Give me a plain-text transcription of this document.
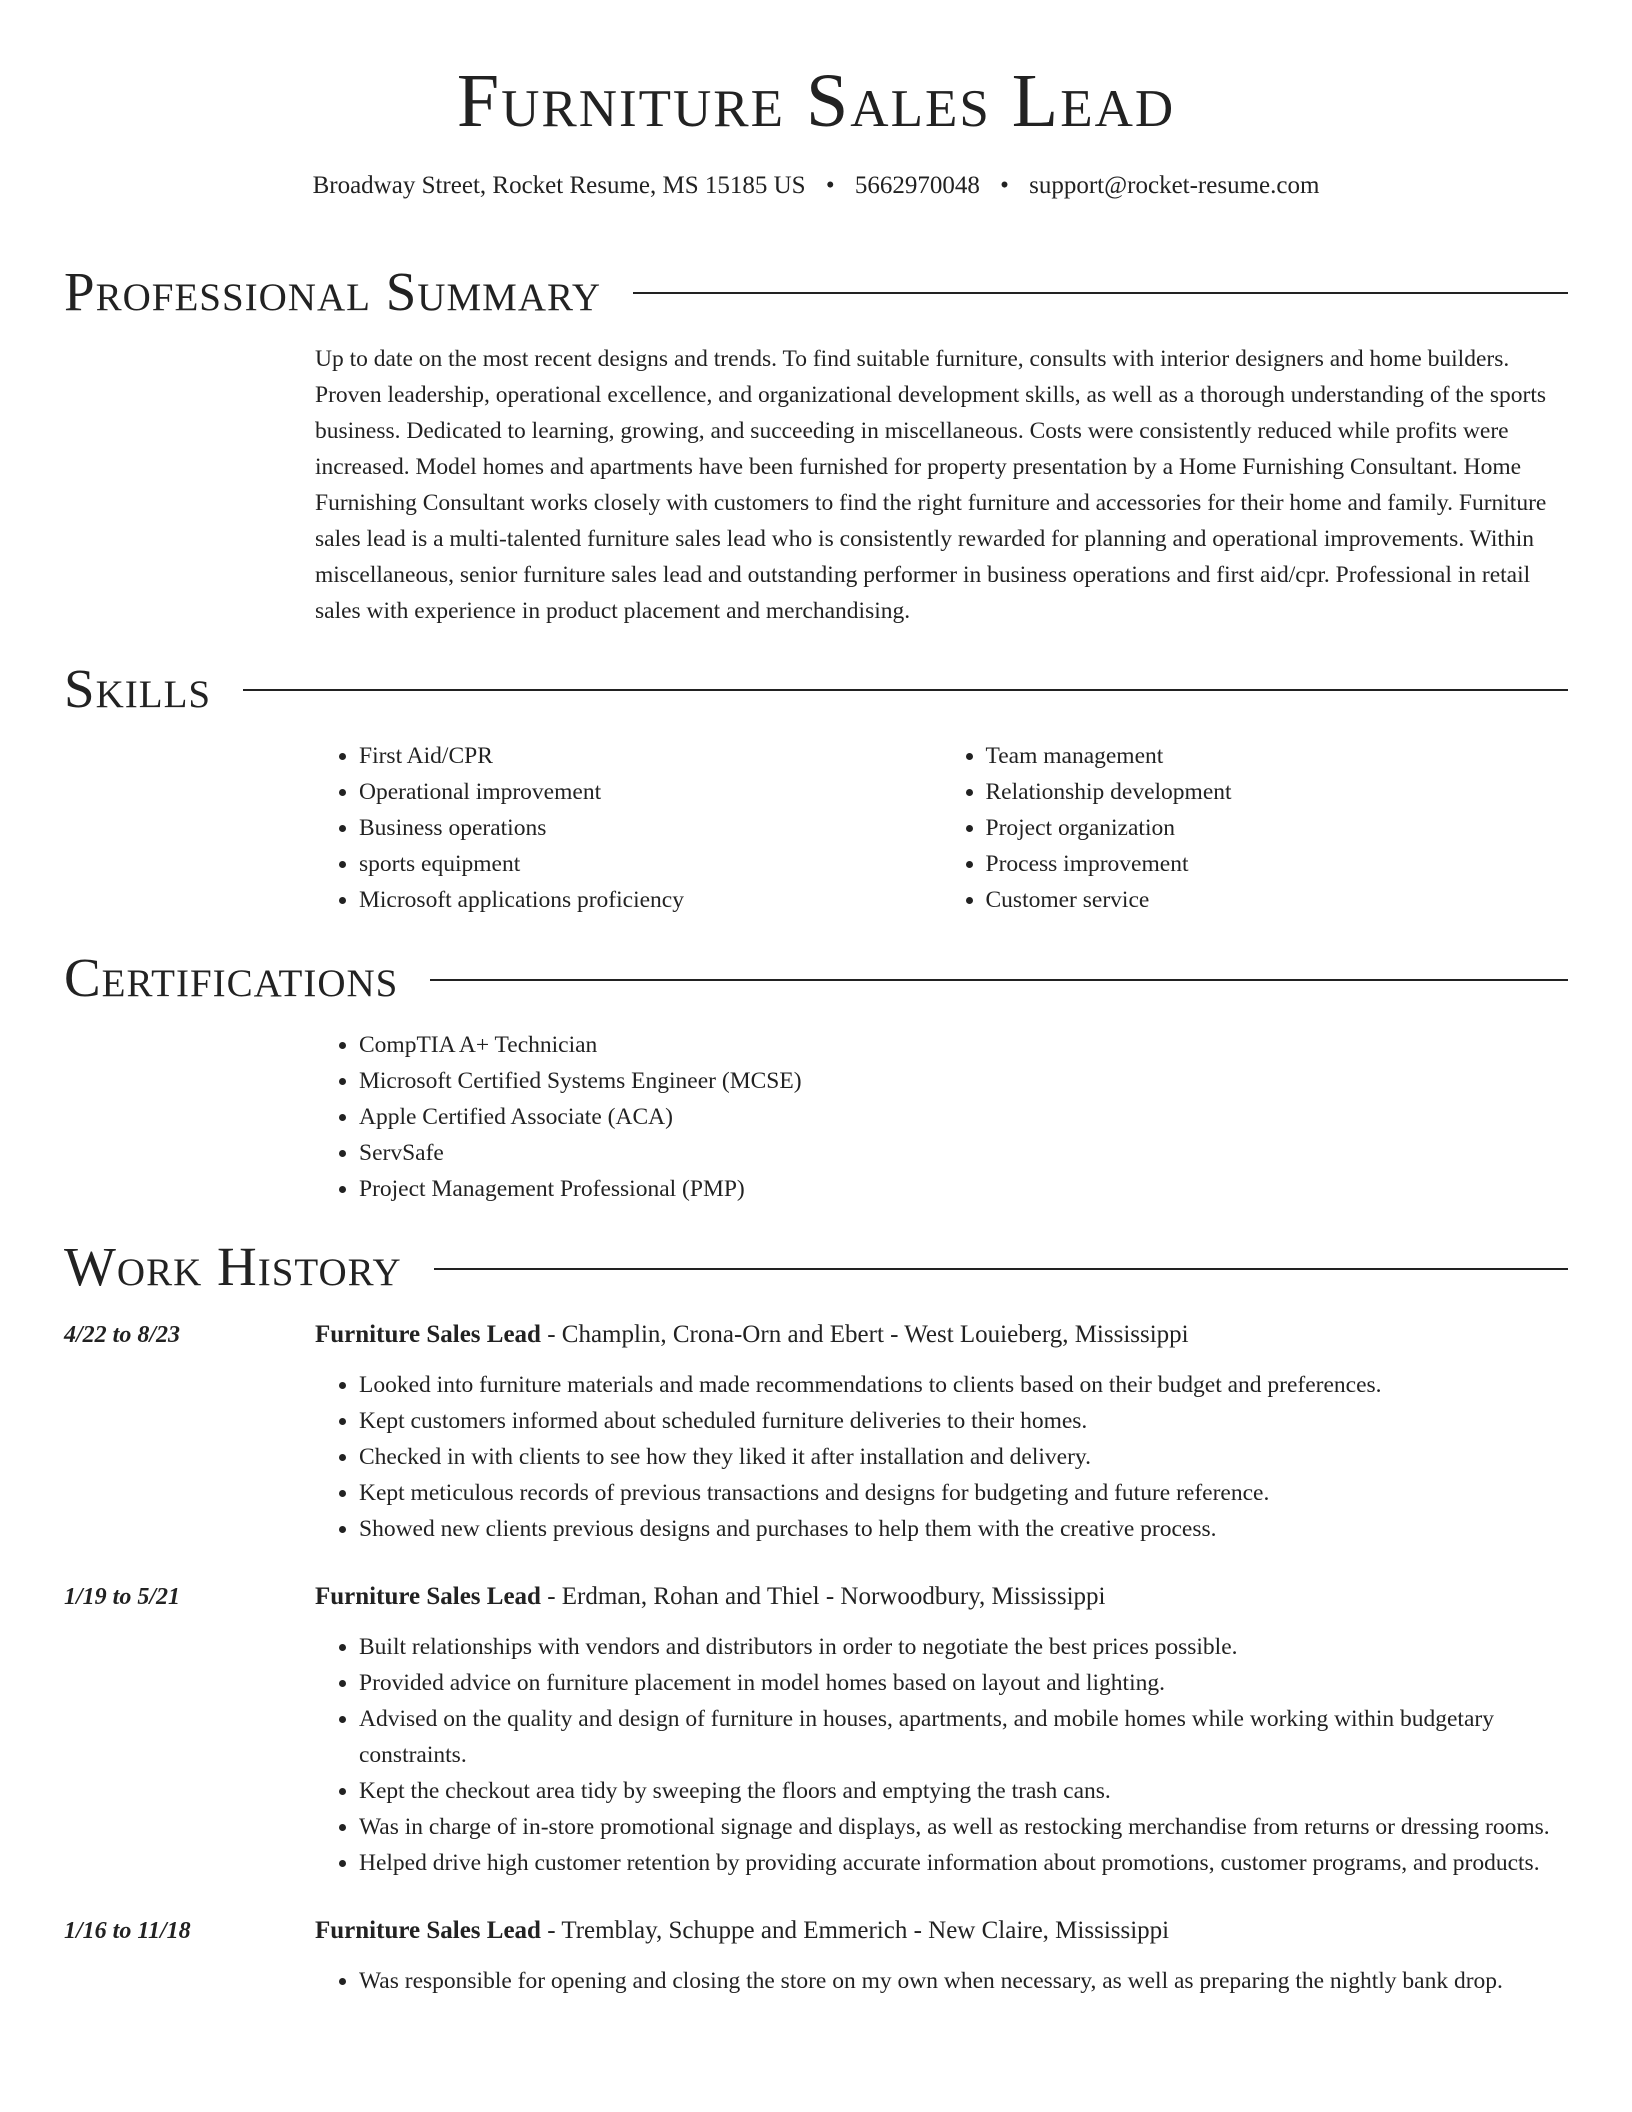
Furniture Sales Lead
Broadway Street, Rocket Resume, MS 15185 US • 5662970048 • support@rocket-resume.com
Professional Summary
Up to date on the most recent designs and trends. To find suitable furniture, consults with interior designers and home builders. Proven leadership, operational excellence, and organizational development skills, as well as a thorough understanding of the sports business. Dedicated to learning, growing, and succeeding in miscellaneous. Costs were consistently reduced while profits were increased. Model homes and apartments have been furnished for property presentation by a Home Furnishing Consultant. Home Furnishing Consultant works closely with customers to find the right furniture and accessories for their home and family. Furniture sales lead is a multi-talented furniture sales lead who is consistently rewarded for planning and operational improvements. Within miscellaneous, senior furniture sales lead and outstanding performer in business operations and first aid/cpr. Professional in retail sales with experience in product placement and merchandising.
Skills
• First Aid/CPR
• Operational improvement
• Business operations
• sports equipment
• Microsoft applications proficiency
• Team management
• Relationship development
• Project organization
• Process improvement
• Customer service
Certifications
• CompTIA A+ Technician
• Microsoft Certified Systems Engineer (MCSE)
• Apple Certified Associate (ACA)
• ServSafe
• Project Management Professional (PMP)
Work History
4/22 to 8/23	Furniture Sales Lead - Champlin, Crona-Orn and Ebert - West Louieberg, Mississippi
• Looked into furniture materials and made recommendations to clients based on their budget and preferences.
• Kept customers informed about scheduled furniture deliveries to their homes.
• Checked in with clients to see how they liked it after installation and delivery.
• Kept meticulous records of previous transactions and designs for budgeting and future reference.
• Showed new clients previous designs and purchases to help them with the creative process.
1/19 to 5/21	Furniture Sales Lead - Erdman, Rohan and Thiel - Norwoodbury, Mississippi
• Built relationships with vendors and distributors in order to negotiate the best prices possible.
• Provided advice on furniture placement in model homes based on layout and lighting.
• Advised on the quality and design of furniture in houses, apartments, and mobile homes while working within budgetary constraints.
• Kept the checkout area tidy by sweeping the floors and emptying the trash cans.
• Was in charge of in-store promotional signage and displays, as well as restocking merchandise from returns or dressing rooms.
• Helped drive high customer retention by providing accurate information about promotions, customer programs, and products.
1/16 to 11/18	Furniture Sales Lead - Tremblay, Schuppe and Emmerich - New Claire, Mississippi
• Was responsible for opening and closing the store on my own when necessary, as well as preparing the nightly bank drop.
